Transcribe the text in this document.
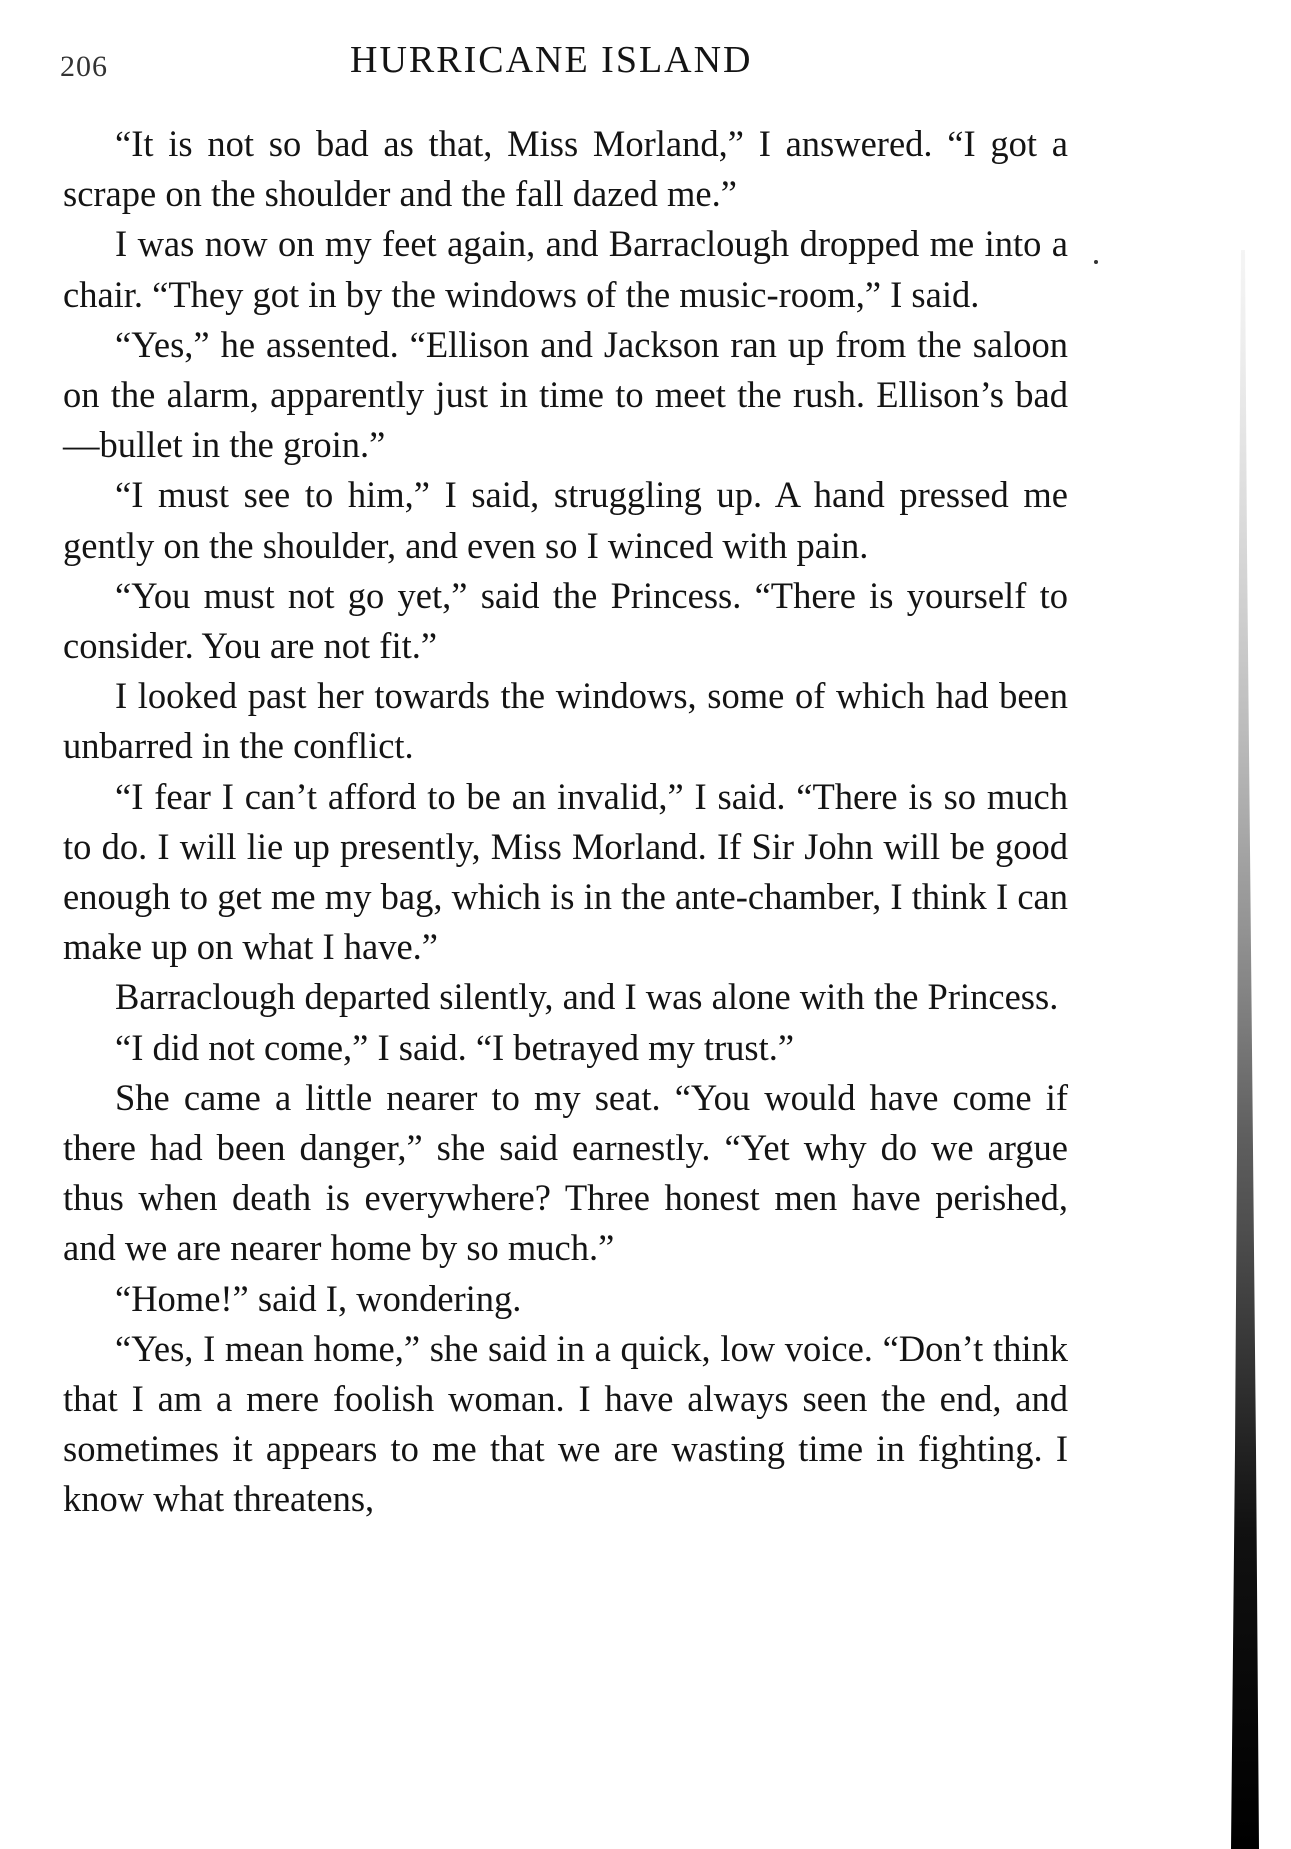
206	HURRICANE ISLAND

“It is not so bad as that, Miss Morland,” I answered. “I got a scrape on the shoulder and the fall dazed me.”

I was now on my feet again, and Barraclough dropped me into a chair. “They got in by the windows of the music-room,” I said.

“Yes,” he assented. “Ellison and Jackson ran up from the saloon on the alarm, apparently just in time to meet the rush. Ellison’s bad—bullet in the groin.”

“I must see to him,” I said, struggling up. A hand pressed me gently on the shoulder, and even so I winced with pain.

“You must not go yet,” said the Princess. “There is yourself to consider. You are not fit.”

I looked past her towards the windows, some of which had been unbarred in the conflict.

“I fear I can’t afford to be an invalid,” I said. “There is so much to do. I will lie up presently, Miss Morland. If Sir John will be good enough to get me my bag, which is in the ante-chamber, I think I can make up on what I have.”

Barraclough departed silently, and I was alone with the Princess.

“I did not come,” I said. “I betrayed my trust.”

She came a little nearer to my seat. “You would have come if there had been danger,” she said earnestly. “Yet why do we argue thus when death is everywhere? Three honest men have perished, and we are nearer home by so much.”

“Home!” said I, wondering.

“Yes, I mean home,” she said in a quick, low voice. “Don’t think that I am a mere foolish woman. I have always seen the end, and sometimes it appears to me that we are wasting time in fighting. I know what threatens,
